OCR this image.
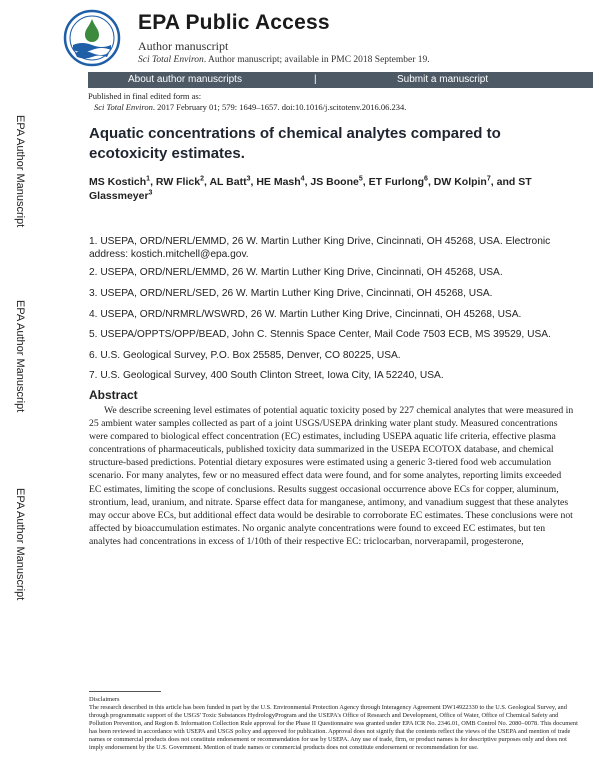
EPA Public Access
Author manuscript
Sci Total Environ. Author manuscript; available in PMC 2018 September 19.
About author manuscripts	|	Submit a manuscript
Published in final edited form as:
Sci Total Environ. 2017 February 01; 579: 1649–1657. doi:10.1016/j.scitotenv.2016.06.234.
EPA Author Manuscript
EPA Author Manuscript
EPA Author Manuscript
Aquatic concentrations of chemical analytes compared to ecotoxicity estimates.
MS Kostich$^1$, RW Flick$^2$, AL Batt$^3$, HE Mash$^4$, JS Boone$^5$, ET Furlong$^6$, DW Kolpin$^7$, and ST Glassmeyer$^3$
1. USEPA, ORD/NERL/EMMD, 26 W. Martin Luther King Drive, Cincinnati, OH 45268, USA. Electronic address: kostich.mitchell@epa.gov.
2. USEPA, ORD/NERL/EMMD, 26 W. Martin Luther King Drive, Cincinnati, OH 45268, USA.
3. USEPA, ORD/NERL/SED, 26 W. Martin Luther King Drive, Cincinnati, OH 45268, USA.
4. USEPA, ORD/NRMRL/WSWRD, 26 W. Martin Luther King Drive, Cincinnati, OH 45268, USA.
5. USEPA/OPPTS/OPP/BEAD, John C. Stennis Space Center, Mail Code 7503 ECB, MS 39529, USA.
Abstract
We describe screening level estimates of potential aquatic toxicity posed by 227 chemical analytes that were measured in 25 ambient water samples collected as part of a joint USGS/USEPA drinking water plant study. Measured concentrations were compared to biological effect concentration (EC) estimates, including USEPA aquatic life criteria, effective plasma concentrations of pharmaceuticals, published toxicity data summarized in the USEPA ECOTOX database, and chemical structure-based predictions. Potential dietary exposures were estimated using a generic 3-tiered food web accumulation scenario. For many analytes, few or no measured effect data were found, and for some analytes, reporting limits exceeded EC estimates, limiting the scope of conclusions. Results suggest occasional occurrence above ECs for copper, aluminum, strontium, lead, uranium, and nitrate. Sparse effect data for manganese, antimony, and vanadium suggest that these analytes may occur above ECs, but additional effect data would be desirable to corroborate EC estimates. These conclusions were not affected by bioaccumulation estimates. No organic analyte concentrations were found to exceed EC estimates, but ten analytes had concentrations in excess of 1/10th of their respective EC: triclocarban, norverapamil, progesterone,
Disclaimers
The research described in this article has been funded in part by the U.S. Environmental Protection Agency through Interagency Agreement DW14922330 to the U.S. Geological Survey, and through programmatic support of the USGS' Toxic Substances HydrologyProgram and the USEPA's Office of Research and Development, Office of Water, Office of Chemical Safety and Pollution Prevention, and Region 8. Information Collection Rule approval for the Phase II Questionnaire was granted under EPA ICR No. 2346.01, OMB Control No. 2080–0078. This document has been reviewed in accordance with USEPA and USGS policy and approved for publication. Approval does not signify that the contents reflect the views of the USEPA and mention of trade names or commercial products does not constitute endorsement or recommendation for use by USEPA. Any use of trade, firm, or product names is for descriptive purposes only and does not imply endorsement by the U.S. Government. Mention of trade names or commercial products does not constitute endorsement or recommendation for use.
6. U.S. Geological Survey, P.O. Box 25585, Denver, CO 80225, USA.
7. U.S. Geological Survey, 400 South Clinton Street, Iowa City, IA 52240, USA.
